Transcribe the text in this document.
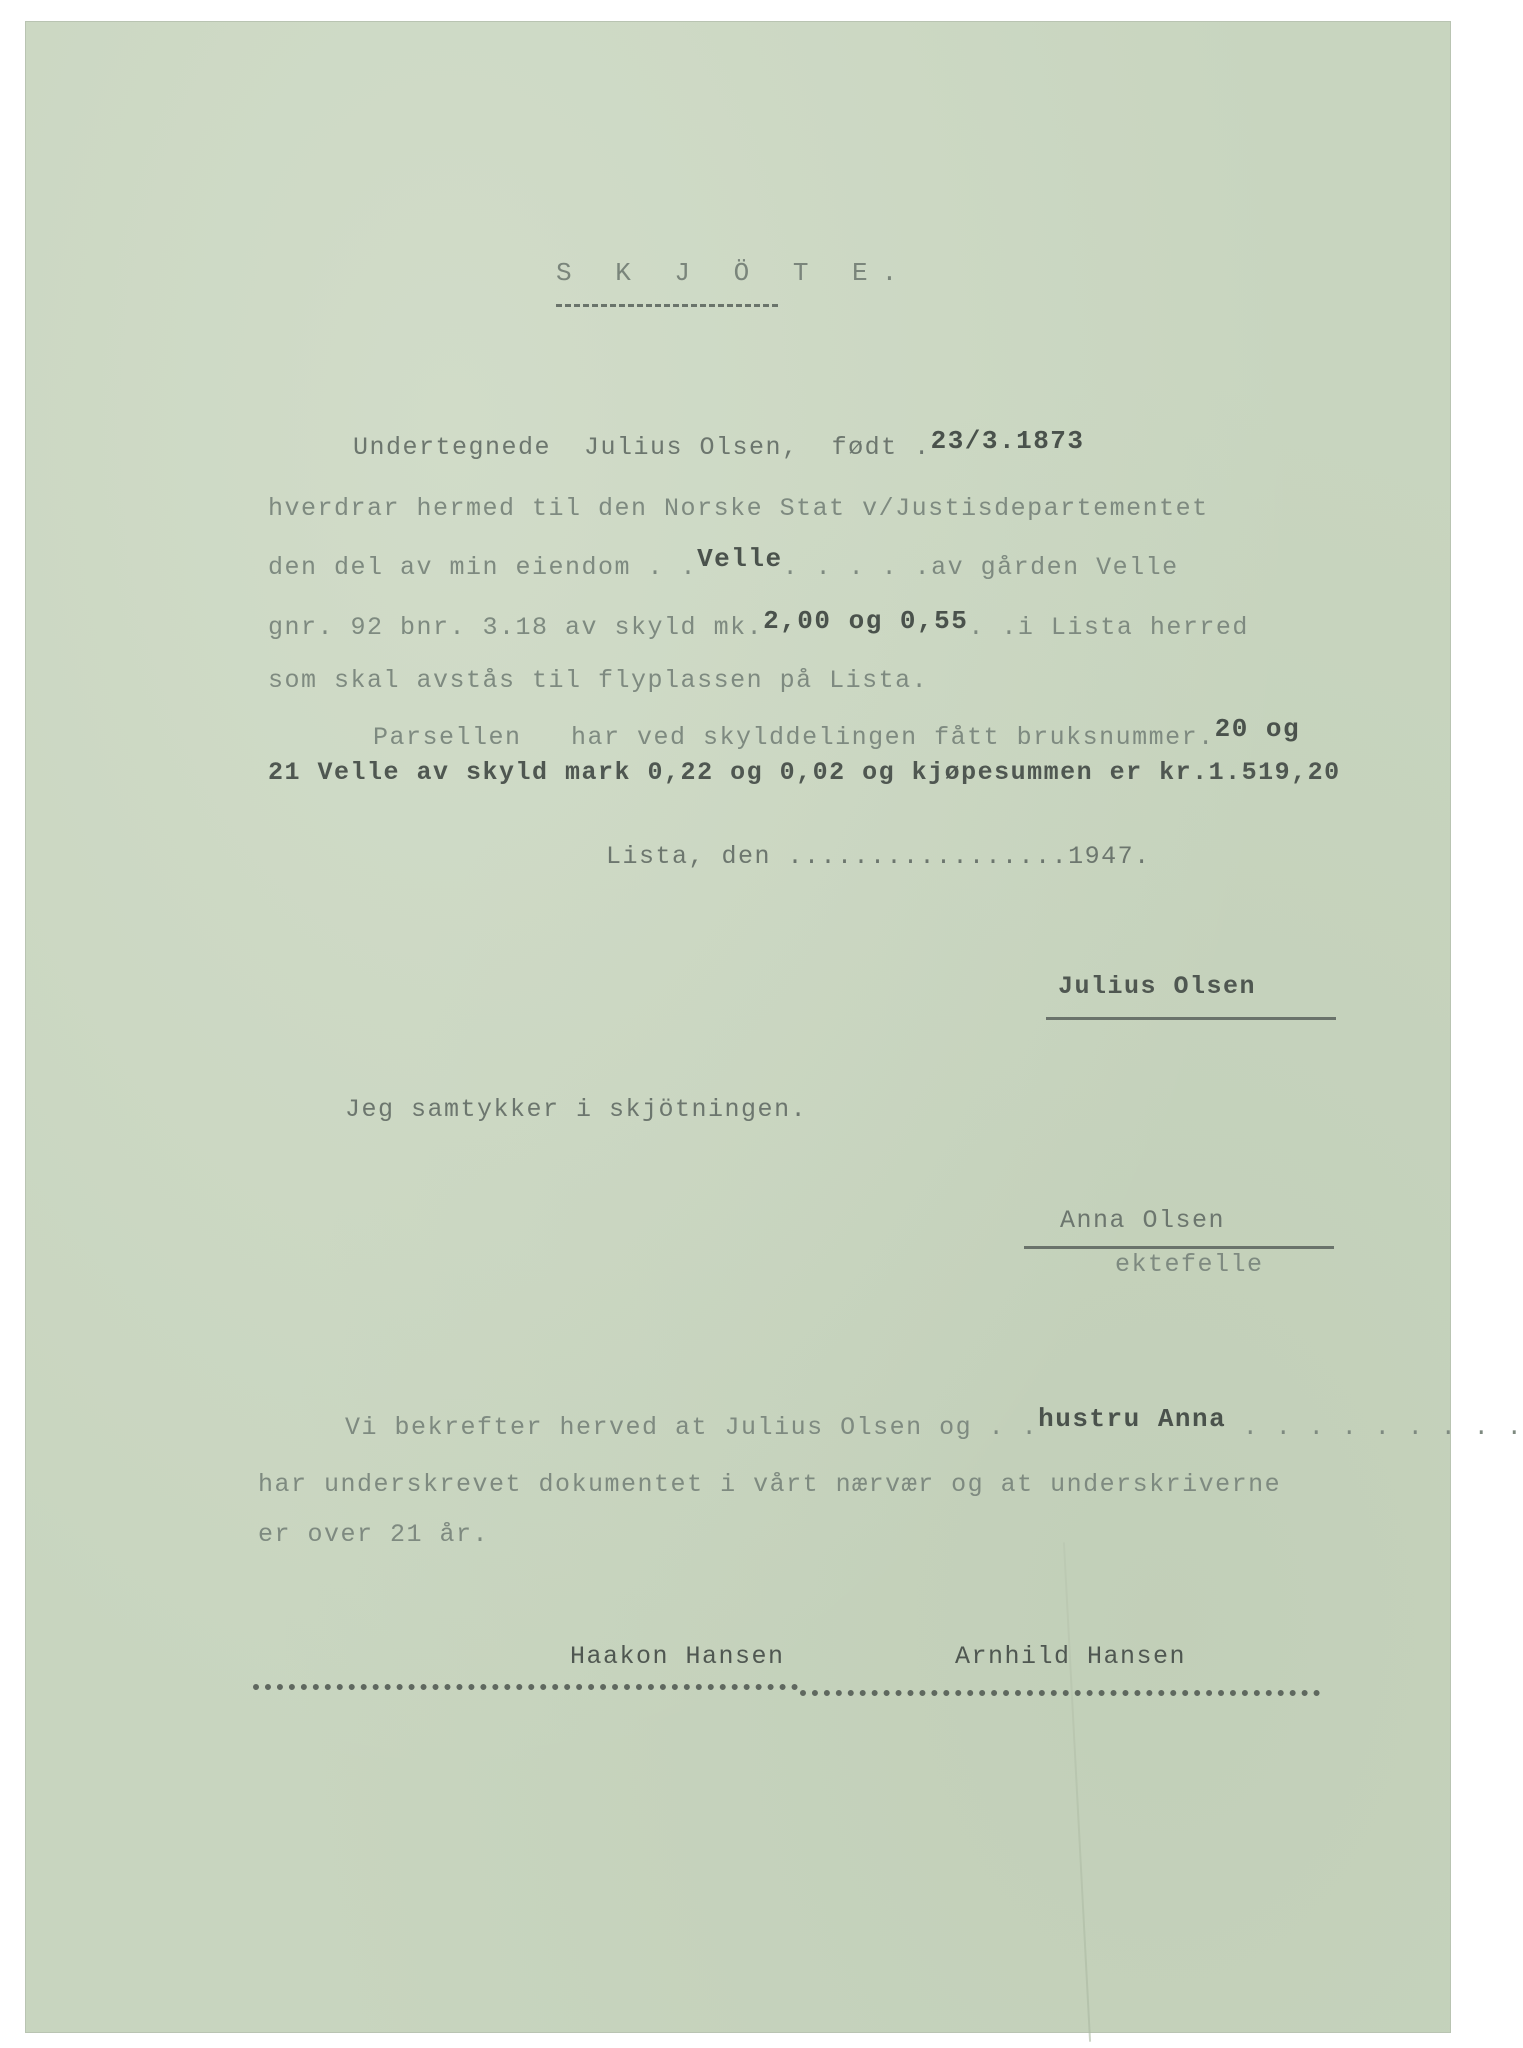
S K J Ö T E.
Undertegnede  Julius Olsen,  født .23/3.1873
hverdrar hermed til den Norske Stat v/Justisdepartementet
den del av min eiendom . .Velle. . . . .av gården Velle
gnr. 92 bnr. 3.18 av skyld mk.2,00 og 0,55. .i Lista herred
som skal avstås til flyplassen på Lista.
Parsellen   har ved skylddelingen fått bruksnummer.20 og
21 Velle av skyld mark 0,22 og 0,02 og kjøpesummen er kr.1.519,20
Lista, den .................1947.
Julius Olsen
Jeg samtykker i skjötningen.
Anna Olsen
ektefelle
Vi bekrefter herved at Julius Olsen og . .hustru Anna . . . . . . . . .
har underskrevet dokumentet i vårt nærvær og at underskriverne
er over 21 år.
Haakon Hansen	Arnhild Hansen
